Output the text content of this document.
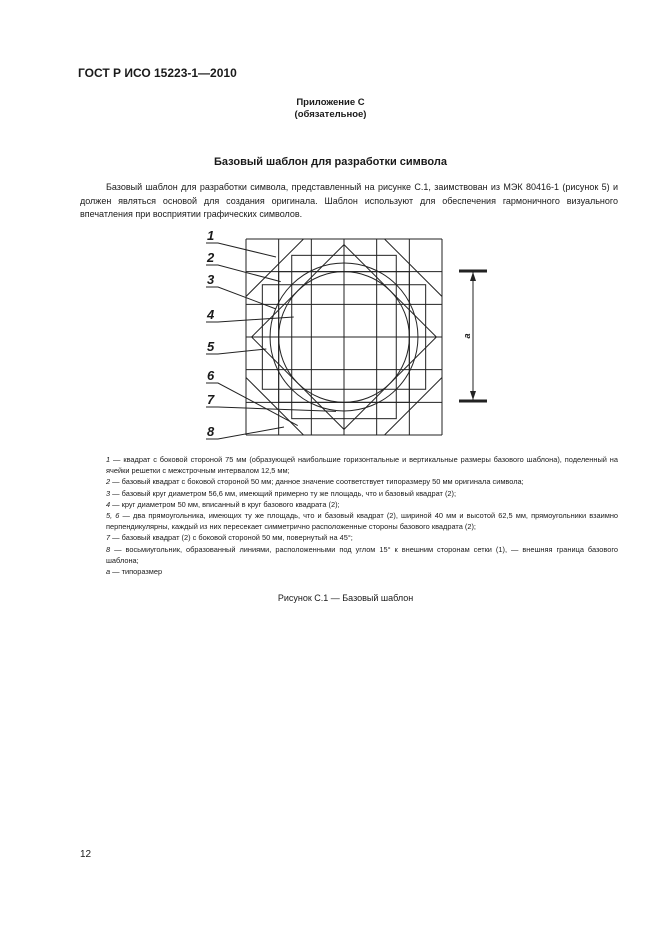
ГОСТ Р ИСО 15223-1—2010
Приложение С
(обязательное)
Базовый шаблон для разработки символа
Базовый шаблон для разработки символа, представленный на рисунке С.1, заимствован из МЭК 80416-1 (рисунок 5) и должен являться основой для создания оригинала. Шаблон используют для обеспечения гармоничного визуального впечатления при восприятии графических символов.
1
2
3
4
5
6
7
8
a
1 — квадрат с боковой стороной 75 мм (образующей наибольшие горизонтальные и вертикальные размеры базового шаблона), поделенный на ячейки решетки с межстрочным интервалом 12,5 мм;
2 — базовый квадрат с боковой стороной 50 мм; данное значение соответствует типоразмеру 50 мм оригинала символа;
3 — базовый круг диаметром 56,6 мм, имеющий примерно ту же площадь, что и базовый квадрат (2);
4 — круг диаметром 50 мм, вписанный в круг базового квадрата (2);
5, 6 — два прямоугольника, имеющих ту же площадь, что и базовый квадрат (2), шириной 40 мм и высотой 62,5 мм, прямоугольники взаимно перпендикулярны, каждый из них пересекает симметрично расположенные стороны базового квадрата (2);
7 — базовый квадрат (2) с боковой стороной 50 мм, повернутый на 45°;
8 — восьмиугольник, образованный линиями, расположенными под углом 15° к внешним сторонам сетки (1), — внешняя граница базового шаблона;
a — типоразмер
Рисунок С.1 — Базовый шаблон
12
